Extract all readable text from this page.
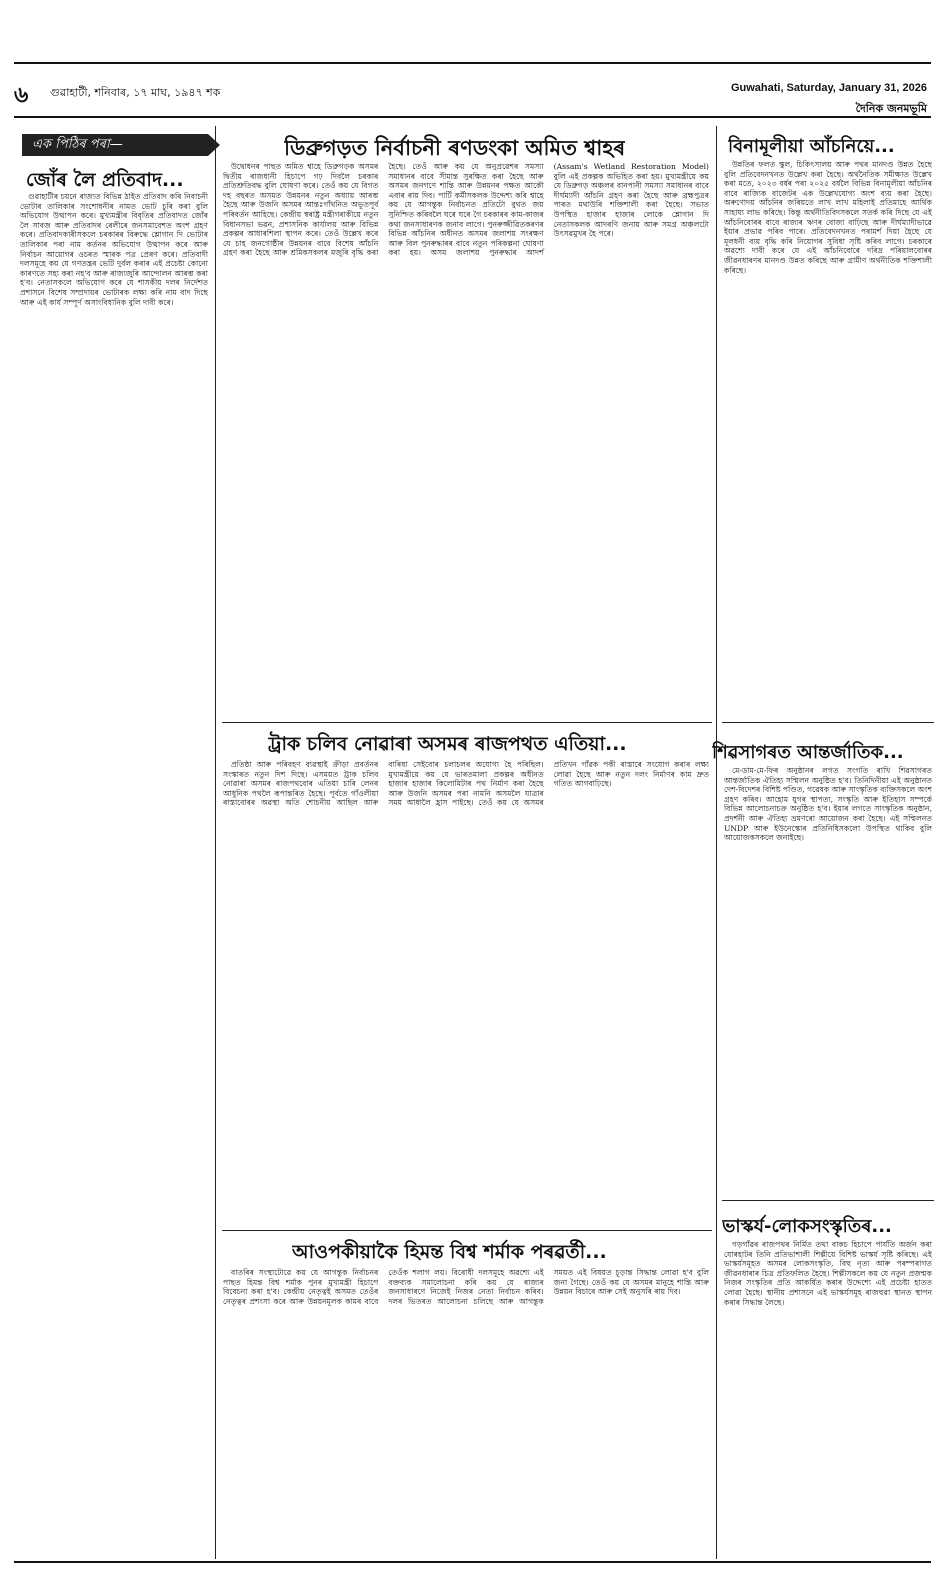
৬ গুৱাহাটী, শনিবাৰ, ১৭ মাঘ, ১৯৪৭ শক	Guwahati, Saturday, January 31, 2026
দৈনিক জনমভূমি
এক পিঠিৰ পৰা—
জোঁৰ লৈ প্ৰতিবাদ...

গুৱাহাটীৰ চয়নে ৰাজ্যত বিভিন্ন ঠাইত প্ৰতিবাদ কৰি নিবাচনী ভোটাৰ তালিকাৰ সংশোধনীৰ নামত ভোট চুৰি কৰা বুলি অভিযোগ উত্থাপন কৰে। মুখ্যমন্ত্ৰীৰ বিবৃতিৰ প্ৰতিবাদত জোঁৰ লৈ সাবজ আৰু প্ৰতিবাদৰ ৰেলীৰে জনসমাবেশত অংশ গ্ৰহণ কৰে। প্ৰতিবাদকাৰীসকলে চৰকাৰৰ বিৰুদ্ধে শ্লোগান দি ভোটাৰ তালিকাৰ পৰা নাম কৰ্তনৰ অভিযোগ উত্থাপন কৰে আৰু নিৰ্বাচন আয়োগৰ ওচৰত স্মাৰক পত্ৰ প্ৰেৰণ কৰে। প্ৰতিবাদী দলসমূহে কয় যে গণতন্ত্ৰৰ ভেটি দুৰ্বল কৰাৰ এই প্ৰচেষ্টা কোনো কাৰণতে সহ্য কৰা নহ'ব আৰু ৰাজ্যজুৰি আন্দোলন আৰম্ভ কৰা হ'ব। নেতাসকলে অভিযোগ কৰে যে শাসকীয় দলৰ নিৰ্দেশত প্ৰশাসনে বিশেষ সম্প্ৰদায়ৰ ভোটাৰক লক্ষ্য কৰি নাম বাদ দিছে আৰু এই কাৰ্য সম্পূৰ্ণ অসাংবিধানিক বুলি দাবী কৰে।

ডিব্ৰুগড়ত নিৰ্বাচনী ৰণডংকা অমিত শ্বাহৰ

উদ্বোধনৰ পাছত অমিত শ্বাহে ডিব্ৰুগড়ক অসমৰ দ্বিতীয় ৰাজধানী হিচাপে গঢ় দিবলৈ চৰকাৰ প্ৰতিশ্ৰুতিবদ্ধ বুলি ঘোষণা কৰে। তেওঁ কয় যে বিগত দহ বছৰত অসমত উন্নয়নৰ নতুন অধ্যায় আৰম্ভ হৈছে আৰু উজনি অসমৰ আন্তঃগাঁথনিত অভূতপূৰ্ব পৰিবৰ্তন আহিছে। কেন্দ্ৰীয় স্বৰাষ্ট্ৰ মন্ত্ৰীগৰাকীয়ে নতুন বিধানসভা ভৱন, প্ৰশাসনিক কাৰ্যালয় আৰু বিভিন্ন প্ৰকল্পৰ আধাৰশিলা স্থাপন কৰে। তেওঁ উল্লেখ কৰে যে চাহ জনগোষ্ঠীৰ উন্নয়নৰ বাবে বিশেষ আঁচনি গ্ৰহণ কৰা হৈছে আৰু শ্ৰমিকসকলৰ মজুৰি বৃদ্ধি কৰা হৈছে। তেওঁ আৰু কয় যে অনুপ্ৰৱেশৰ সমস্যা সমাধানৰ বাবে সীমান্ত সুৰক্ষিত কৰা হৈছে আৰু অসমৰ জনগণে শান্তি আৰু উন্নয়নৰ পক্ষত আকৌ এবাৰ ৰায় দিব। পাৰ্টি কৰ্মীসকলক উদ্দেশ্য কৰি শ্বাহে কয় যে আগন্তুক নিৰ্বাচনত প্ৰতিটো বুথত জয় সুনিশ্চিত কৰিবলৈ ঘৰে ঘৰে গৈ চৰকাৰৰ কাম-কাজৰ কথা জনসাধাৰণক জনাব লাগে। পুনৰুজ্জীৱিতকৰণৰ বিভিন্ন আঁচনিৰ অধীনত অসমৰ জলাশয় সংৰক্ষণ আৰু বিল পুনৰুদ্ধাৰৰ বাবে নতুন পৰিকল্পনা ঘোষণা কৰা হয়। অসম জলাশয় পুনৰুদ্ধাৰ আদৰ্শ (Assam's Wetland Restoration Model) বুলি এই প্ৰকল্পক অভিহিত কৰা হয়। মুখ্যমন্ত্ৰীয়ে কয় যে ডিব্ৰুগড় অঞ্চলৰ বানপানী সমস্যা সমাধানৰ বাবে দীৰ্ঘম্যাদী আঁচনি গ্ৰহণ কৰা হৈছে আৰু ব্ৰহ্মপুত্ৰৰ পাৰত মথাউৰি শক্তিশালী কৰা হৈছে। সভাত উপস্থিত হাজাৰ হাজাৰ লোকে শ্লোগান দি নেতাসকলক আদৰণি জনায় আৰু সমগ্ৰ অঞ্চলটো উৎসৱমুখৰ হৈ পৰে।

ট্ৰাক চলিব নোৱাৰা অসমৰ ৰাজপথত এতিয়া...

প্ৰতিষ্ঠা আৰু পৰিবহণ ব্যৱস্থাই ক্ৰীড়া প্ৰবৰ্তনৰ সংস্কাৰত নতুন দিশ দিছে। এসময়ত ট্ৰাক চলিব নোৱাৰা অসমৰ ৰাজপথবোৰ এতিয়া চাৰি লেনৰ আধুনিক পথলৈ ৰূপান্তৰিত হৈছে। পূৰ্বতে গাঁওলীয়া ৰাস্তাবোৰৰ অৱস্থা অতি শোচনীয় আছিল আৰু বাৰিষা সেইবোৰ চলাচলৰ অযোগ্য হৈ পৰিছিল। মুখ্যমন্ত্ৰীয়ে কয় যে ভাৰতমালা প্ৰকল্পৰ অধীনত হাজাৰ হাজাৰ কিলোমিটাৰ পথ নিৰ্মাণ কৰা হৈছে আৰু উজনি অসমৰ পৰা নামনি অসমলৈ যাত্ৰাৰ সময় আধালৈ হ্ৰাস পাইছে। তেওঁ কয় যে অসমৰ প্ৰতিখন গাঁৱক পকী ৰাস্তাৰে সংযোগ কৰাৰ লক্ষ্য লোৱা হৈছে আৰু নতুন দলং নিৰ্মাণৰ কাম দ্ৰুত গতিত আগবাঢ়িছে।

আওপকীয়াকৈ হিমন্ত বিশ্ব শৰ্মাক পৰৱৰ্তী...

বাতৰিৰ সংস্থাটোৱে কয় যে আগন্তুক নিৰ্বাচনৰ পাছত হিমন্ত বিশ্ব শৰ্মাক পুনৰ মুখ্যমন্ত্ৰী হিচাপে বিবেচনা কৰা হ'ব। কেন্দ্ৰীয় নেতৃত্বই অসমত তেওঁৰ নেতৃত্বৰ প্ৰশংসা কৰে আৰু উন্নয়নমূলক কামৰ বাবে তেওঁক শলাগ লয়। বিৰোধী দলসমূহে অৱশ্যে এই বক্তব্যক সমালোচনা কৰি কয় যে ৰাজ্যৰ জনসাধাৰণে নিজেই নিজৰ নেতা নিৰ্বাচন কৰিব। দলৰ ভিতৰত আলোচনা চলিছে আৰু আগন্তুক সময়ত এই বিষয়ত চূড়ান্ত সিদ্ধান্ত লোৱা হ'ব বুলি জনা গৈছে। তেওঁ কয় যে অসমৰ মানুহে শান্তি আৰু উন্নয়ন বিচাৰে আৰু সেই অনুসৰি ৰায় দিব।

বিনামূলীয়া আঁচনিয়ে...

উন্নতিৰ ফলত স্কুল, চিকিৎসালয় আৰু পথৰ মানদণ্ড উন্নত হৈছে বুলি প্ৰতিবেদনখনত উল্লেখ কৰা হৈছে। অৰ্থনৈতিক সমীক্ষাত উল্লেখ কৰা মতে, ২০২৩ বৰ্ষৰ পৰা ২০২৫ বৰ্ষলৈ বিভিন্ন বিনামূলীয়া আঁচনিৰ বাবে ৰাজ্যিক বাজেটৰ এক উল্লেখযোগ্য অংশ ব্যয় কৰা হৈছে। অৰুণোদয় আঁচনিৰ জৰিয়তে লাখ লাখ মহিলাই প্ৰতিমাহে আৰ্থিক সাহায্য লাভ কৰিছে। কিন্তু অৰ্থনীতিবিদসকলে সতৰ্ক কৰি দিছে যে এই আঁচনিবোৰৰ বাবে ৰাজ্যৰ ঋণৰ বোজা বাঢ়িছে আৰু দীৰ্ঘম্যাদীভাৱে ইয়াৰ প্ৰভাৱ পৰিব পাৰে। প্ৰতিবেদনখনত পৰামৰ্শ দিয়া হৈছে যে মূলধনী ব্যয় বৃদ্ধি কৰি নিয়োগৰ সুবিধা সৃষ্টি কৰিব লাগে। চৰকাৰে অৱশ্যে দাবী কৰে যে এই আঁচনিবোৰে দৰিদ্ৰ পৰিয়ালবোৰৰ জীৱনধাৰণৰ মানদণ্ড উন্নত কৰিছে আৰু গ্ৰামীণ অৰ্থনীতিক শক্তিশালী কৰিছে।

শিৱসাগৰত আন্তৰ্জাতিক...

মে-ডাম-মে-ফিৰ অনুষ্ঠানৰ লগত সংগতি ৰাখি শিৱসাগৰত আন্তৰ্জাতিক ঐতিহ্য সন্মিলন অনুষ্ঠিত হ'ব। তিনিদিনীয়া এই অনুষ্ঠানত দেশ-বিদেশৰ বিশিষ্ট পণ্ডিত, গৱেষক আৰু সাংস্কৃতিক ব্যক্তিসকলে অংশ গ্ৰহণ কৰিব। আহোম যুগৰ স্থাপত্য, সংস্কৃতি আৰু ইতিহাস সম্পৰ্কে বিভিন্ন আলোচনাচক্ৰ অনুষ্ঠিত হ'ব। ইয়াৰ লগতে সাংস্কৃতিক অনুষ্ঠান, প্ৰদৰ্শনী আৰু ঐতিহ্য ভ্ৰমণৰো আয়োজন কৰা হৈছে। এই সন্মিলনত UNDP আৰু ইউনেস্কোৰ প্ৰতিনিধিসকলো উপস্থিত থাকিব বুলি আয়োজকসকলে জনাইছে।

ভাস্কৰ্য-লোকসংস্কৃতিৰ...

গড়গাঁৱৰ ৰাজপথৰ নিৰ্মিত তথা বাকচ হিচাপে পাৰ্যতি অৰ্জন কৰা যোৰহাটৰ তিনি প্ৰতিভাশালী শিল্পীয়ে বিশিষ্ট ভাস্কৰ্য সৃষ্টি কৰিছে। এই ভাস্কৰ্যসমূহত অসমৰ লোকসংস্কৃতি, বিহু নৃত্য আৰু পৰম্পৰাগত জীৱনধাৰাৰ চিত্ৰ প্ৰতিফলিত হৈছে। শিল্পীসকলে কয় যে নতুন প্ৰজন্মক নিজৰ সংস্কৃতিৰ প্ৰতি আকৰ্ষিত কৰাৰ উদ্দেশ্যে এই প্ৰচেষ্টা হাতত লোৱা হৈছে। স্থানীয় প্ৰশাসনে এই ভাস্কৰ্যসমূহ ৰাজহুৱা স্থানত স্থাপন কৰাৰ সিদ্ধান্ত লৈছে।
